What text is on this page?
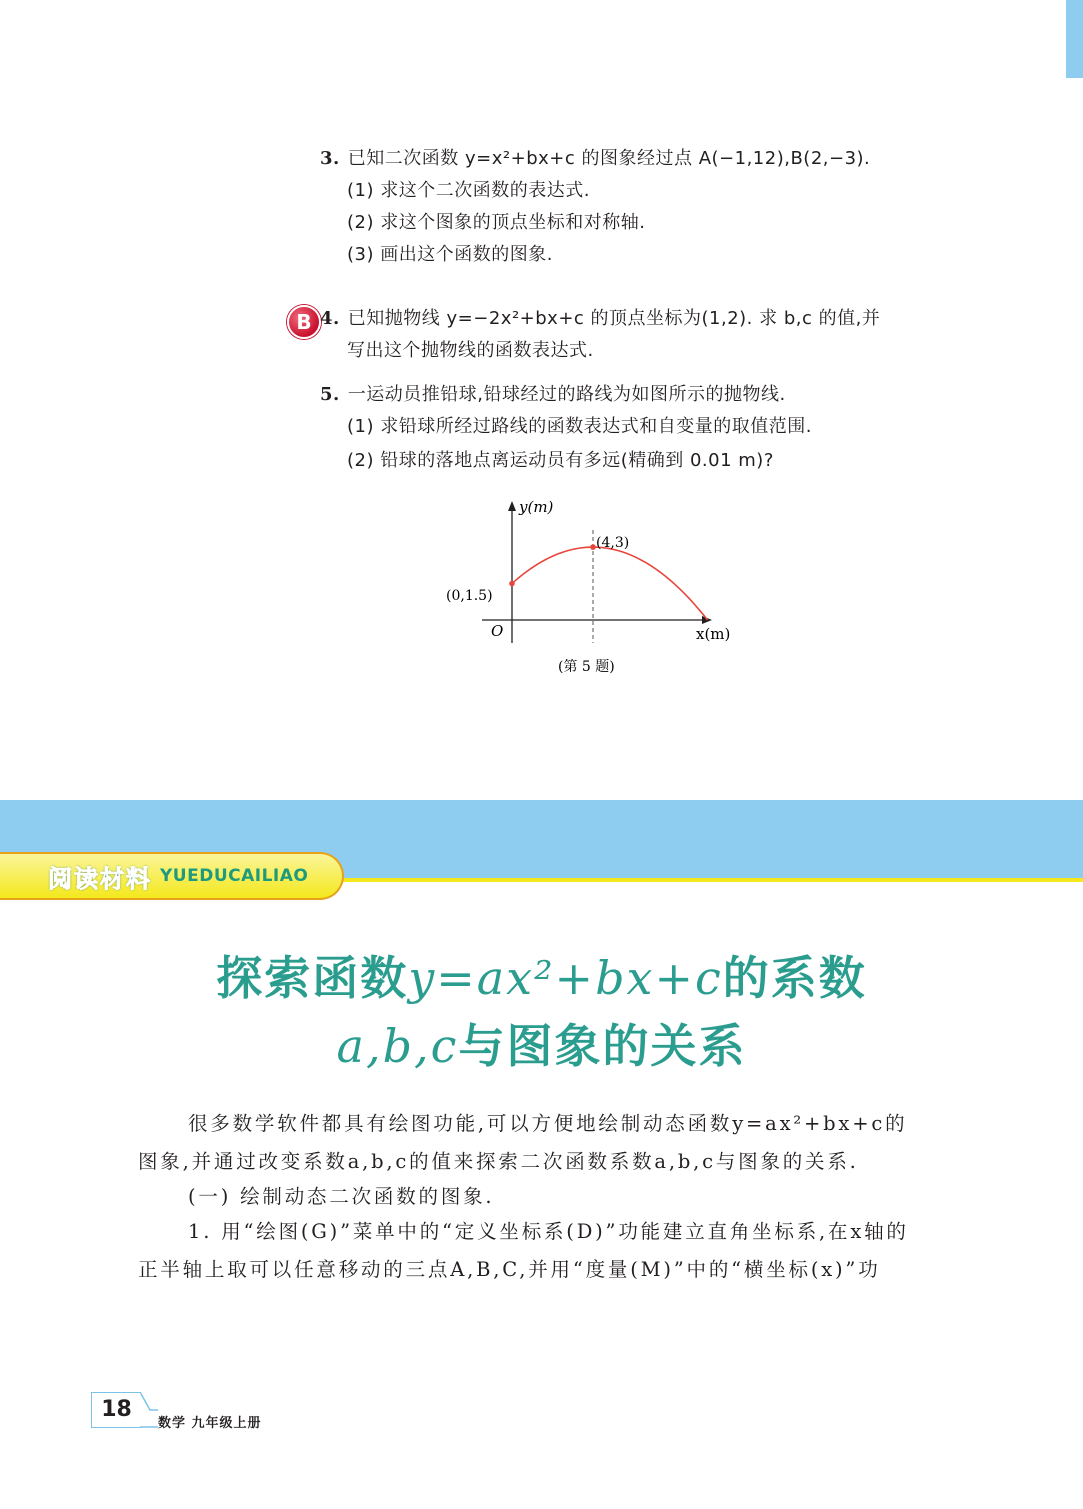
3. 已知二次函数 y=x²+bx+c 的图象经过点 A(−1,12),B(2,−3).
(1) 求这个二次函数的表达式.
(2) 求这个图象的顶点坐标和对称轴.
(3) 画出这个函数的图象.
B 4. 已知抛物线 y=−2x²+bx+c 的顶点坐标为(1,2). 求 b,c 的值,并
写出这个抛物线的函数表达式.
5. 一运动员推铅球,铅球经过的路线为如图所示的抛物线.
(1) 求铅球所经过路线的函数表达式和自变量的取值范围.
(2) 铅球的落地点离运动员有多远(精确到 0.01 m)?
y(m)
x(m)
O
(4,3)
(0,1.5)
(第 5 题)
阅读材料 YUEDUCAILIAO
探索函数y=ax²+bx+c的系数
a,b,c与图象的关系
很多数学软件都具有绘图功能,可以方便地绘制动态函数y=ax²+bx+c的
图象,并通过改变系数a,b,c的值来探索二次函数系数a,b,c与图象的关系.
(一) 绘制动态二次函数的图象.
1. 用“绘图(G)”菜单中的“定义坐标系(D)”功能建立直角坐标系,在x轴的
正半轴上取可以任意移动的三点A,B,C,并用“度量(M)”中的“横坐标(x)”功
18
数学 九年级上册
